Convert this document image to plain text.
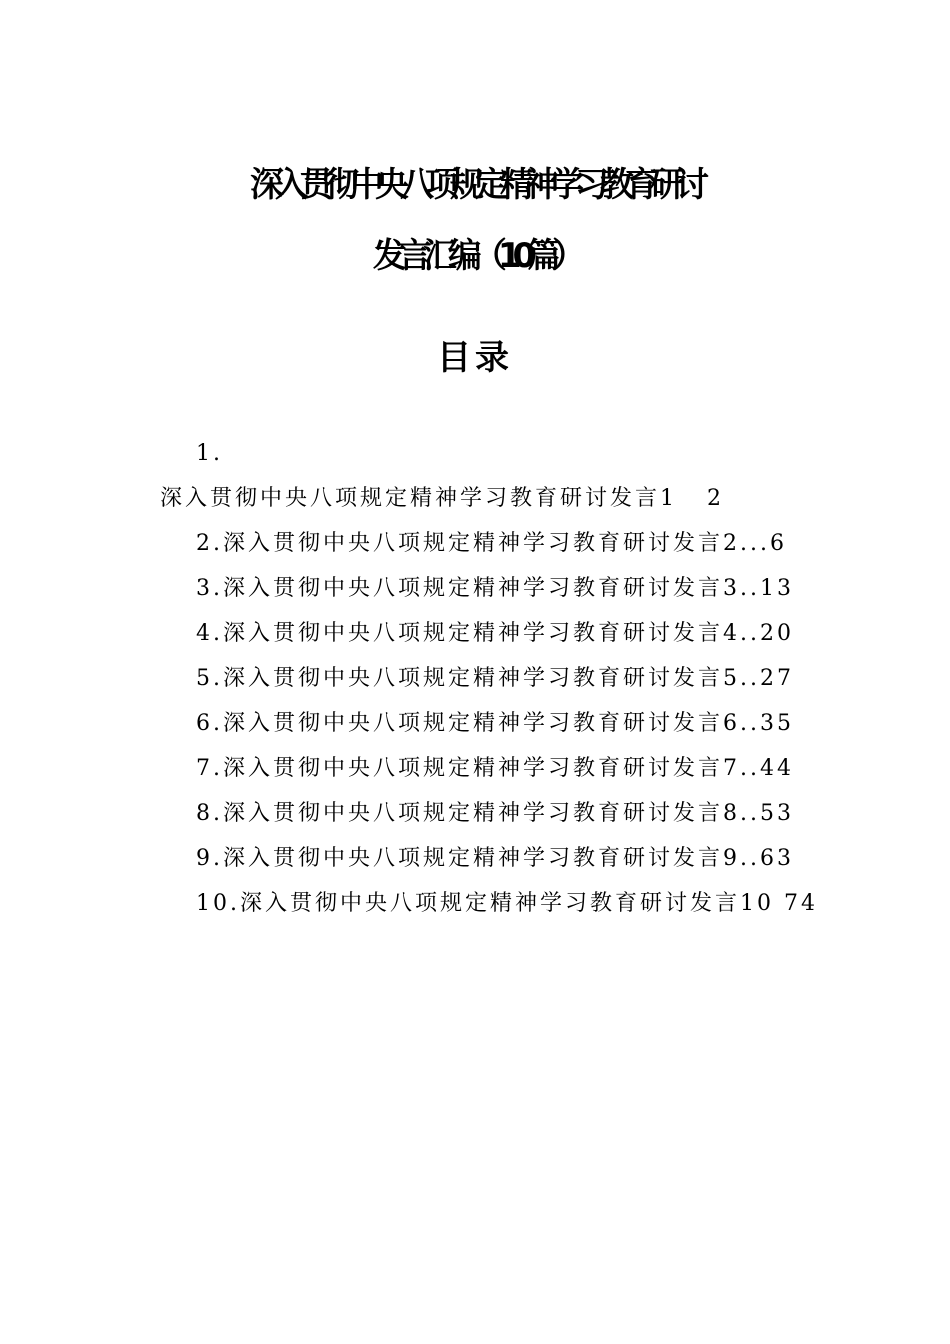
深入贯彻中央八项规定精神学习教育研讨
发言汇编（10篇）
目录
1.
深入贯彻中央八项规定精神学习教育研讨发言1 2
2.深入贯彻中央八项规定精神学习教育研讨发言2...6
3.深入贯彻中央八项规定精神学习教育研讨发言3..13
4.深入贯彻中央八项规定精神学习教育研讨发言4..20
5.深入贯彻中央八项规定精神学习教育研讨发言5..27
6.深入贯彻中央八项规定精神学习教育研讨发言6..35
7.深入贯彻中央八项规定精神学习教育研讨发言7..44
8.深入贯彻中央八项规定精神学习教育研讨发言8..53
9.深入贯彻中央八项规定精神学习教育研讨发言9..63
10.深入贯彻中央八项规定精神学习教育研讨发言10 74
